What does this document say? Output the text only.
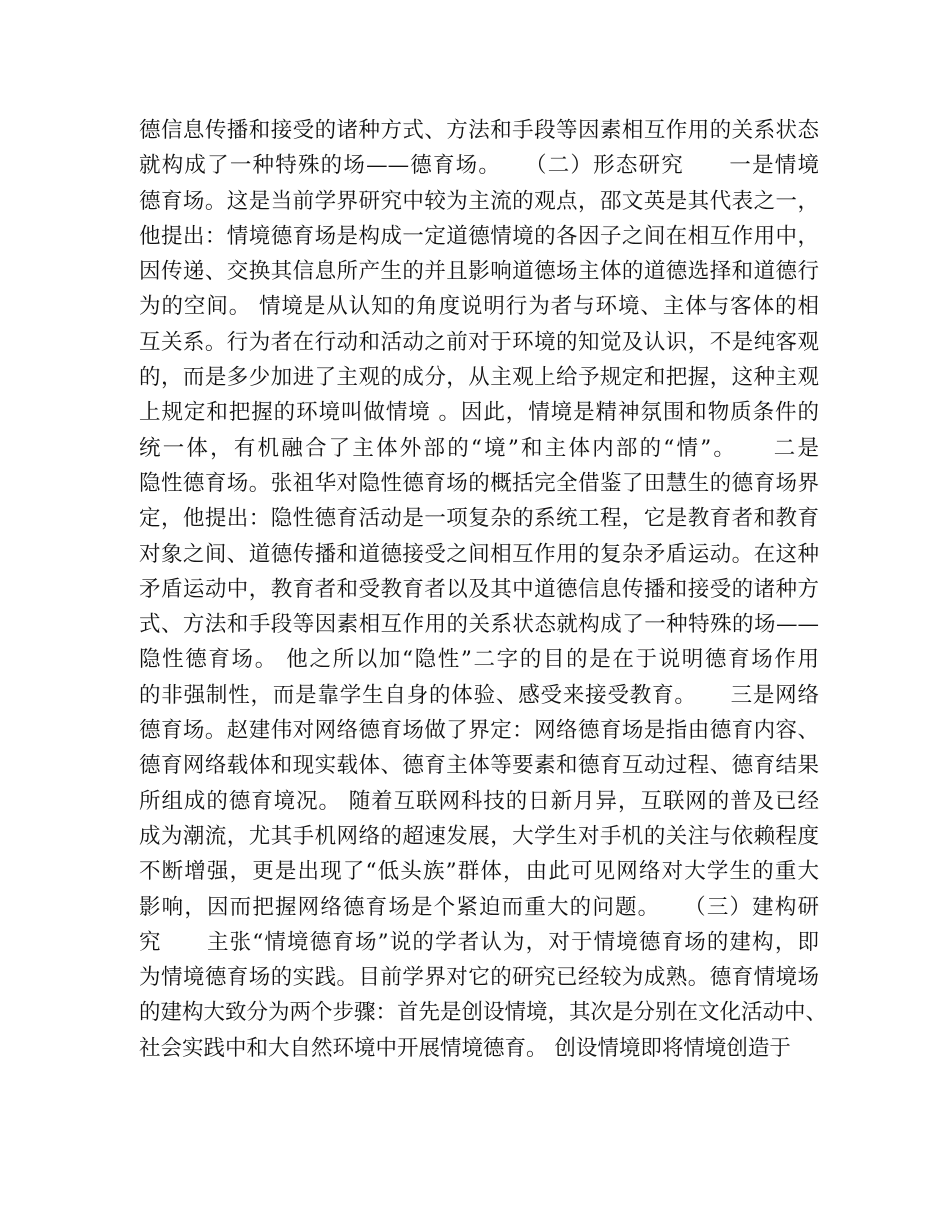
德信息传播和接受的诸种方式、方法和手段等因素相互作用的关系状态
就构成了一种特殊的场——德育场。　　（二）形态研究　　一是情境
德育场。这是当前学界研究中较为主流的观点，邵文英是其代表之一，
他提出：情境德育场是构成一定道德情境的各因子之间在相互作用中，
因传递、交换其信息所产生的并且影响道德场主体的道德选择和道德行
为的空间。 情境是从认知的角度说明行为者与环境、主体与客体的相
互关系。行为者在行动和活动之前对于环境的知觉及认识，不是纯客观
的，而是多少加进了主观的成分，从主观上给予规定和把握，这种主观
上规定和把握的环境叫做情境 。因此，情境是精神氛围和物质条件的
统一体，有机融合了主体外部的“境”和主体内部的“情”。　　二是
隐性德育场。张祖华对隐性德育场的概括完全借鉴了田慧生的德育场界
定，他提出：隐性德育活动是一项复杂的系统工程，它是教育者和教育
对象之间、道德传播和道德接受之间相互作用的复杂矛盾运动。在这种
矛盾运动中，教育者和受教育者以及其中道德信息传播和接受的诸种方
式、方法和手段等因素相互作用的关系状态就构成了一种特殊的场——
隐性德育场。 他之所以加“隐性”二字的目的是在于说明德育场作用
的非强制性，而是靠学生自身的体验、感受来接受教育。　　三是网络
德育场。赵建伟对网络德育场做了界定：网络德育场是指由德育内容、
德育网络载体和现实载体、德育主体等要素和德育互动过程、德育结果
所组成的德育境况。 随着互联网科技的日新月异，互联网的普及已经
成为潮流，尤其手机网络的超速发展，大学生对手机的关注与依赖程度
不断增强，更是出现了“低头族”群体，由此可见网络对大学生的重大
影响，因而把握网络德育场是个紧迫而重大的问题。　　（三）建构研
究　　主张“情境德育场”说的学者认为，对于情境德育场的建构，即
为情境德育场的实践。目前学界对它的研究已经较为成熟。德育情境场
的建构大致分为两个步骤：首先是创设情境，其次是分别在文化活动中、
社会实践中和大自然环境中开展情境德育。 创设情境即将情境创造于
